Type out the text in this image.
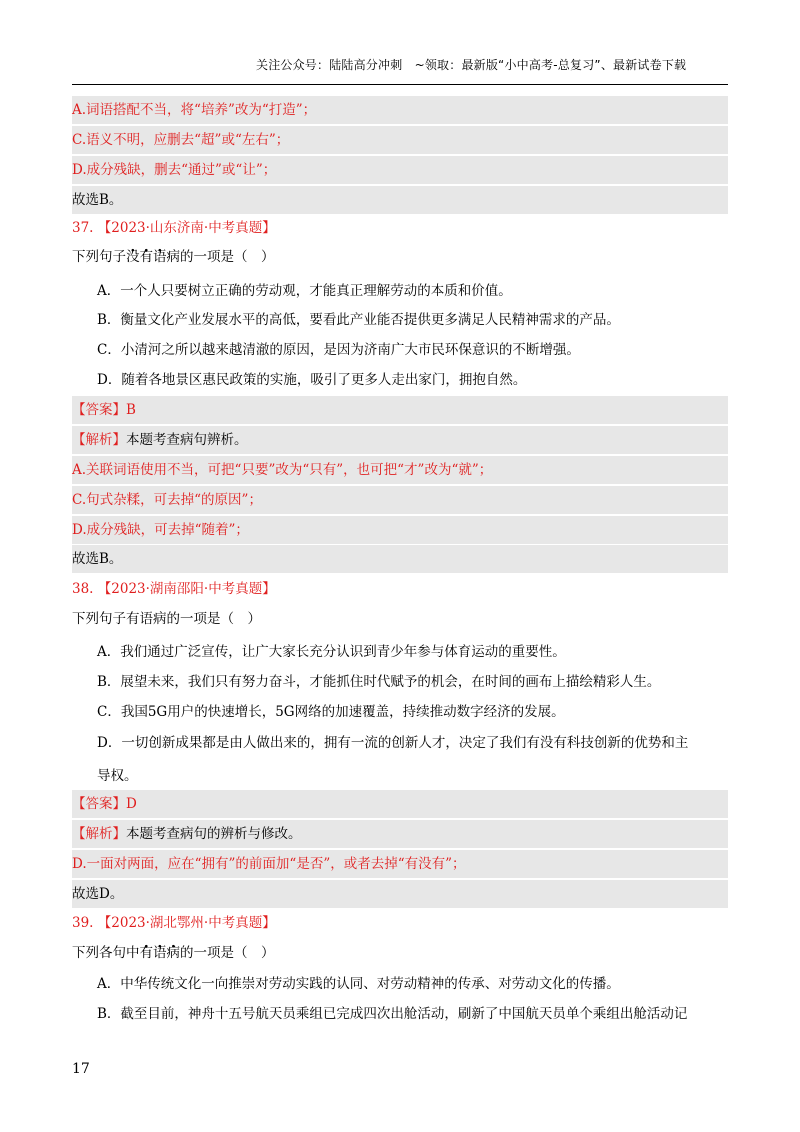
关注公众号：陆陆高分冲刺　~领取：最新版“小中高考-总复习”、最新试卷下载
A.词语搭配不当，将“培养”改为“打造”；
C.语义不明，应删去“超”或“左右”；
D.成分残缺，删去“通过”或“让”；
故选B。
37. 【2023·山东济南·中考真题】
下列句子没有语病的一项是（　）
A．一个人只要树立正确的劳动观，才能真正理解劳动的本质和价值。
B．衡量文化产业发展水平的高低，要看此产业能否提供更多满足人民精神需求的产品。
C．小清河之所以越来越清澈的原因，是因为济南广大市民环保意识的不断增强。
D．随着各地景区惠民政策的实施，吸引了更多人走出家门，拥抱自然。
【答案】B
【解析】本题考查病句辨析。
A.关联词语使用不当，可把“只要”改为“只有”，也可把“才”改为“就”；
C.句式杂糅，可去掉“的原因”；
D.成分残缺，可去掉“随着”；
故选B。
38. 【2023·湖南邵阳·中考真题】
下列句子有语病的一项是（　）
A．我们通过广泛宣传，让广大家长充分认识到青少年参与体育运动的重要性。
B．展望未来，我们只有努力奋斗，才能抓住时代赋予的机会，在时间的画布上描绘精彩人生。
C．我国5G用户的快速增长，5G网络的加速覆盖，持续推动数字经济的发展。
D．一切创新成果都是由人做出来的，拥有一流的创新人才，决定了我们有没有科技创新的优势和主
导权。
【答案】D
【解析】本题考查病句的辨析与修改。
D.一面对两面，应在“拥有”的前面加“是否”，或者去掉“有没有”；
故选D。
39. 【2023·湖北鄂州·中考真题】
下列各句中有语病的一项是（　）
A．中华传统文化一向推崇对劳动实践的认同、对劳动精神的传承、对劳动文化的传播。
B．截至目前，神舟十五号航天员乘组已完成四次出舱活动，刷新了中国航天员单个乘组出舱活动记
17
